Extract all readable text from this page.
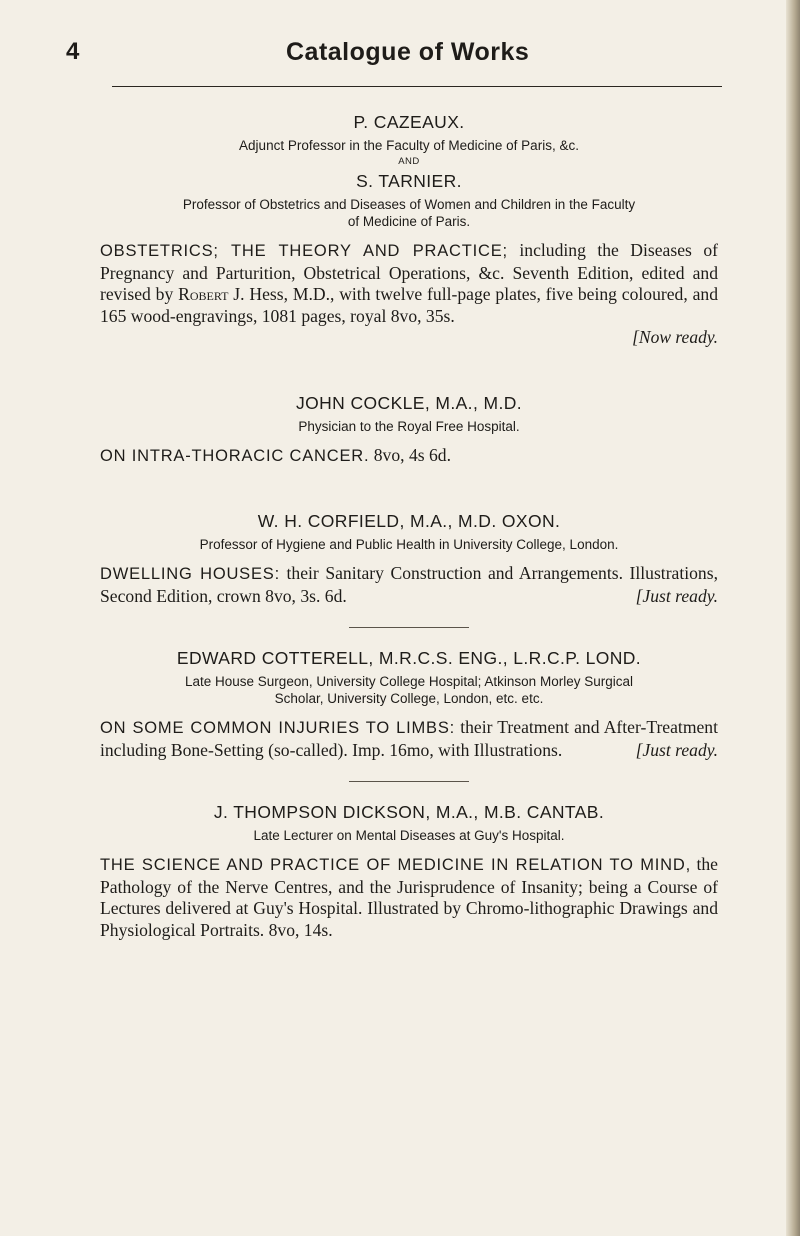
4	Catalogue of Works

P. CAZEAUX.

Adjunct Professor in the Faculty of Medicine of Paris, &c.

AND

S. TARNIER.

Professor of Obstetrics and Diseases of Women and Children in the Faculty
of Medicine of Paris.

OBSTETRICS; THE THEORY AND PRACTICE; including the Diseases of Pregnancy and Parturition, Obstetrical Operations, &c. Seventh Edition, edited and revised by Robert J. Hess, M.D., with twelve full-page plates, five being coloured, and 165 wood-engravings, 1081 pages, royal 8vo, 35s.

[Now ready.

JOHN COCKLE, M.A., M.D.

Physician to the Royal Free Hospital.

ON INTRA-THORACIC CANCER. 8vo, 4s 6d.

W. H. CORFIELD, M.A., M.D. OXON.

Professor of Hygiene and Public Health in University College, London.

DWELLING HOUSES: their Sanitary Construction and Arrangements. Illustrations, Second Edition, crown 8vo, 3s. 6d.	[Just ready.

EDWARD COTTERELL, M.R.C.S. ENG., L.R.C.P. LOND.

Late House Surgeon, University College Hospital; Atkinson Morley Surgical
Scholar, University College, London, etc. etc.

ON SOME COMMON INJURIES TO LIMBS: their Treatment and After-Treatment including Bone-Setting (so-called). Imp. 16mo, with Illustrations.	[Just ready.

J. THOMPSON DICKSON, M.A., M.B. CANTAB.

Late Lecturer on Mental Diseases at Guy's Hospital.

THE SCIENCE AND PRACTICE OF MEDICINE IN RELATION TO MIND, the Pathology of the Nerve Centres, and the Jurisprudence of Insanity; being a Course of Lectures delivered at Guy's Hospital. Illustrated by Chromo-lithographic Drawings and Physiological Portraits. 8vo, 14s.
